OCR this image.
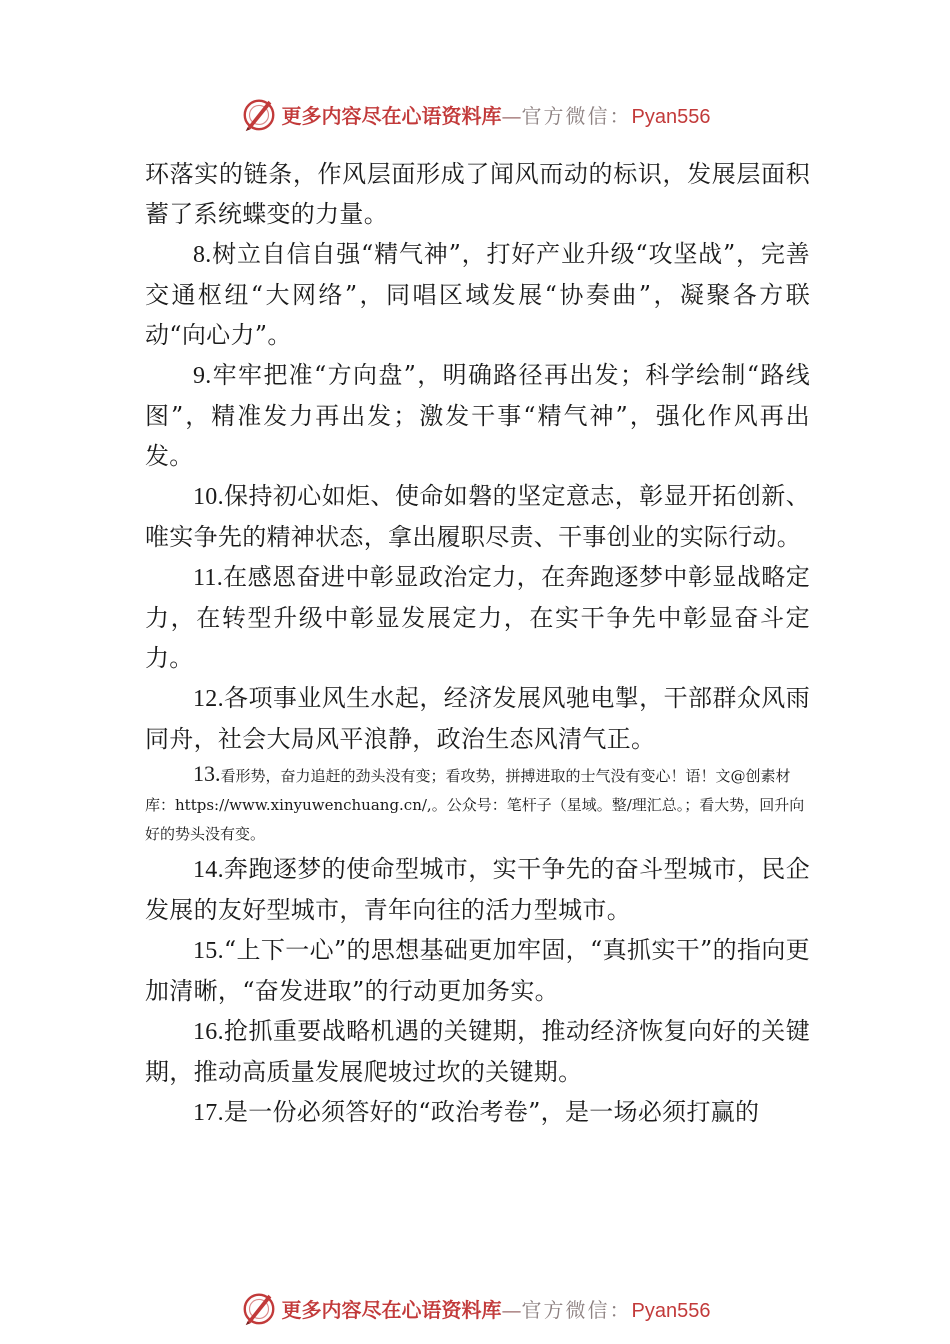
更多内容尽在心语资料库 — 官方微信： Pyan556

环落实的链条，作风层面形成了闻风而动的标识，发展层面积蓄了系统蝶变的力量。

8.树立自信自强“精气神”，打好产业升级“攻坚战”，完善交通枢纽“大网络”，同唱区域发展“协奏曲”，凝聚各方联动“向心力”。

9.牢牢把准“方向盘”，明确路径再出发；科学绘制“路线图”，精准发力再出发；激发干事“精气神”，强化作风再出发。

10.保持初心如炬、使命如磐的坚定意志，彰显开拓创新、唯实争先的精神状态，拿出履职尽责、干事创业的实际行动。

11.在感恩奋进中彰显政治定力，在奔跑逐梦中彰显战略定力，在转型升级中彰显发展定力，在实干争先中彰显奋斗定力。

12.各项事业风生水起，经济发展风驰电掣，干部群众风雨同舟，社会大局风平浪静，政治生态风清气正。

13.看形势，奋力追赶的劲头没有变；看攻势，拼搏进取的士气没有变心！语！文@创素材库：https://www.xinyuwenchuang.cn/,。公众号：笔杆子（星域。整/理汇总。；看大势，回升向好的势头没有变。

14.奔跑逐梦的使命型城市，实干争先的奋斗型城市，民企发展的友好型城市，青年向往的活力型城市。

15.“上下一心”的思想基础更加牢固，“真抓实干”的指向更加清晰，“奋发进取”的行动更加务实。

16.抢抓重要战略机遇的关键期，推动经济恢复向好的关键期，推动高质量发展爬坡过坎的关键期。

17.是一份必须答好的“政治考卷”，是一场必须打赢的

更多内容尽在心语资料库 — 官方微信： Pyan556
